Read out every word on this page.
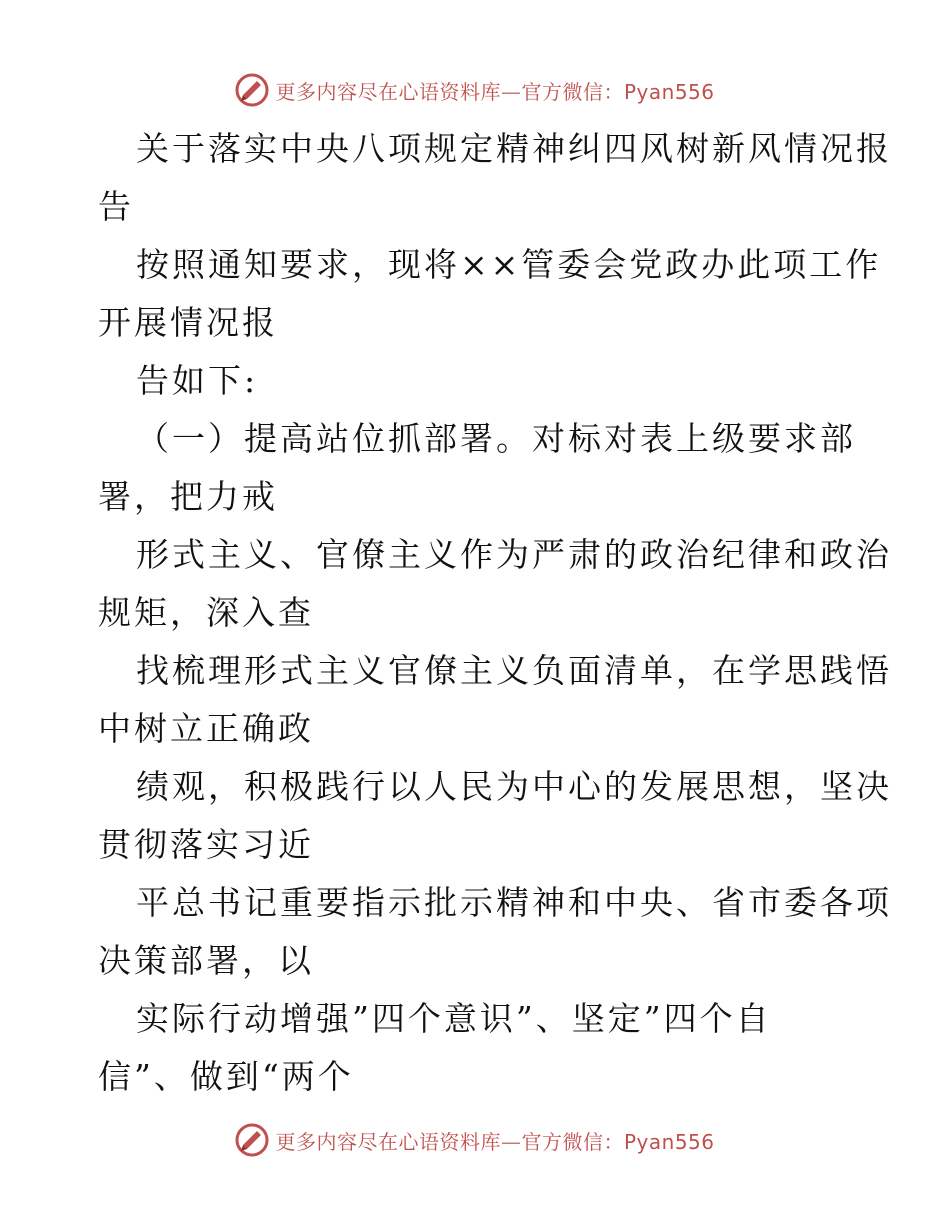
更多内容尽在心语资料库—官方微信：Pyan556
关于落实中央八项规定精神纠四风树新风情况报
告
按照通知要求，现将××管委会党政办此项工作
开展情况报
告如下:
（一）提高站位抓部署。对标对表上级要求部
署，把力戒
形式主义、官僚主义作为严肃的政治纪律和政治
规矩，深入查
找梳理形式主义官僚主义负面清单，在学思践悟
中树立正确政
绩观，积极践行以人民为中心的发展思想，坚决
贯彻落实习近
平总书记重要指示批示精神和中央、省市委各项
决策部署，以
实际行动增强”四个意识”、坚定”四个自
信”、做到“两个
更多内容尽在心语资料库—官方微信：Pyan556
